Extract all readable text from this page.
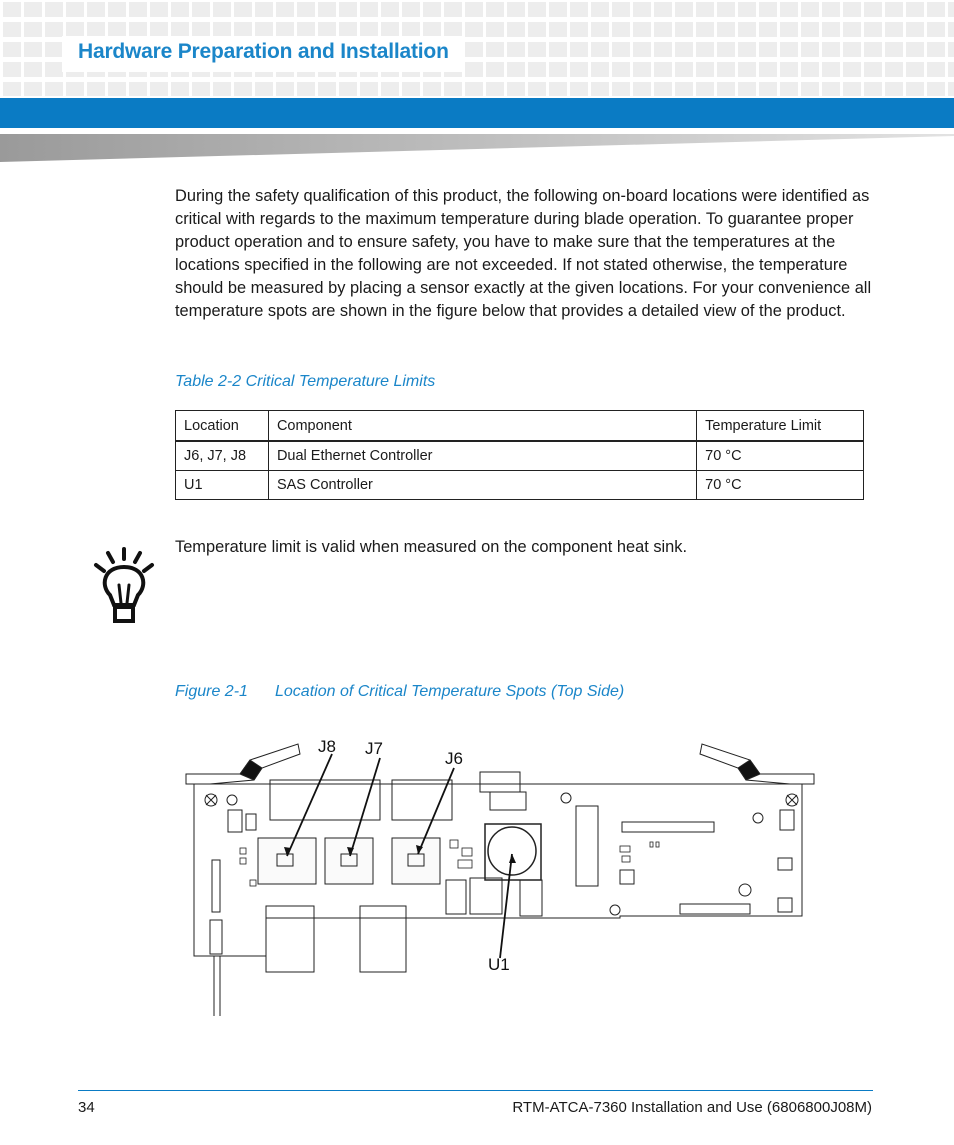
Hardware Preparation and Installation
During the safety qualification of this product, the following on-board locations were identified as critical with regards to the maximum temperature during blade operation. To guarantee proper product operation and to ensure safety, you have to make sure that the temperatures at the locations specified in the following are not exceeded. If not stated otherwise, the temperature should be measured by placing a sensor exactly at the given locations. For your convenience all temperature spots are shown in the figure below that provides a detailed view of the product.
Table 2-2 Critical Temperature Limits
Location	Component	Temperature Limit
J6, J7, J8	Dual Ethernet Controller	70 °C
U1	SAS Controller	70 °C
Temperature limit is valid when measured on the component heat sink.
Figure 2-1 Location of Critical Temperature Spots (Top Side)
J8 J7
J6
U1
34	RTM-ATCA-7360 Installation and Use (6806800J08M)
